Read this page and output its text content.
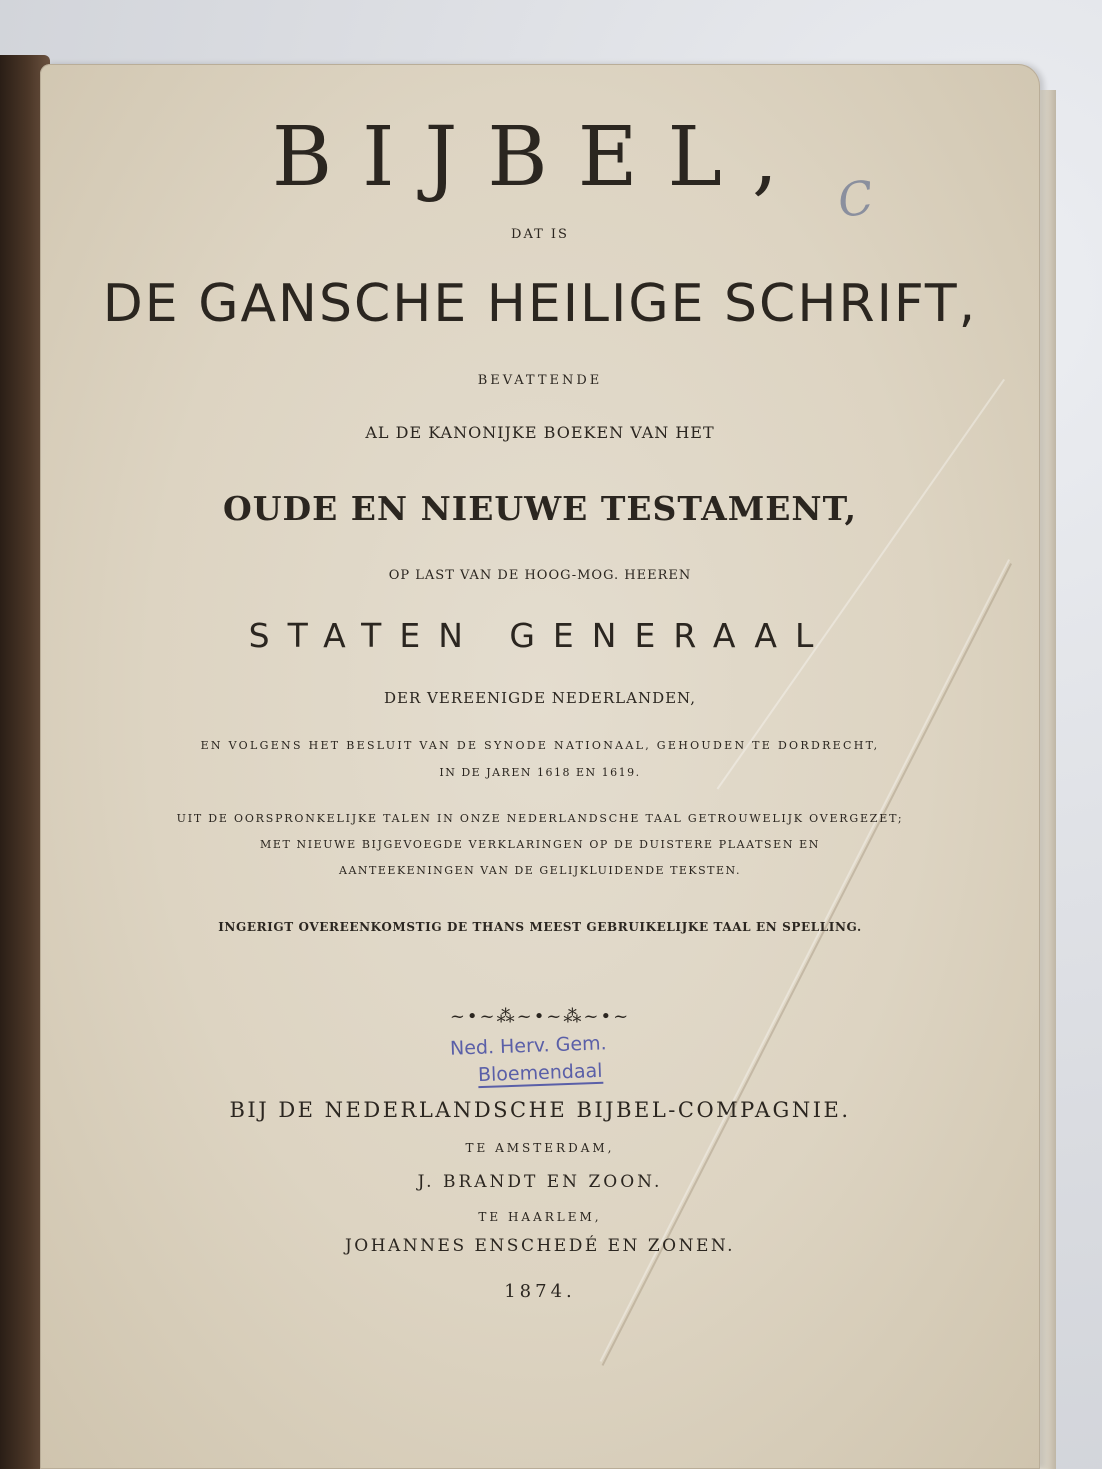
BIJBEL,
DAT IS
DE GANSCHE HEILIGE SCHRIFT,
BEVATTENDE
AL DE KANONIJKE BOEKEN VAN HET
OUDE EN NIEUWE TESTAMENT,
OP LAST VAN DE HOOG-MOG. HEEREN
STATEN GENERAAL
DER VEREENIGDE NEDERLANDEN,
EN VOLGENS HET BESLUIT VAN DE SYNODE NATIONAAL, GEHOUDEN TE DORDRECHT,
IN DE JAREN 1618 EN 1619.
UIT DE OORSPRONKELIJKE TALEN IN ONZE NEDERLANDSCHE TAAL GETROUWELIJK OVERGEZET;
MET NIEUWE BIJGEVOEGDE VERKLARINGEN OP DE DUISTERE PLAATSEN EN
AANTEEKENINGEN VAN DE GELIJKLUIDENDE TEKSTEN.
INGERIGT OVEREENKOMSTIG DE THANS MEEST GEBRUIKELIJKE TAAL EN SPELLING.
~•~⁂~•~⁂~•~
BIJ DE NEDERLANDSCHE BIJBEL-COMPAGNIE.
TE AMSTERDAM,
J. BRANDT EN ZOON.
TE HAARLEM,
JOHANNES ENSCHEDÉ EN ZONEN.
1874.
Ned. Herv. Gem.
Bloemendaal
C
